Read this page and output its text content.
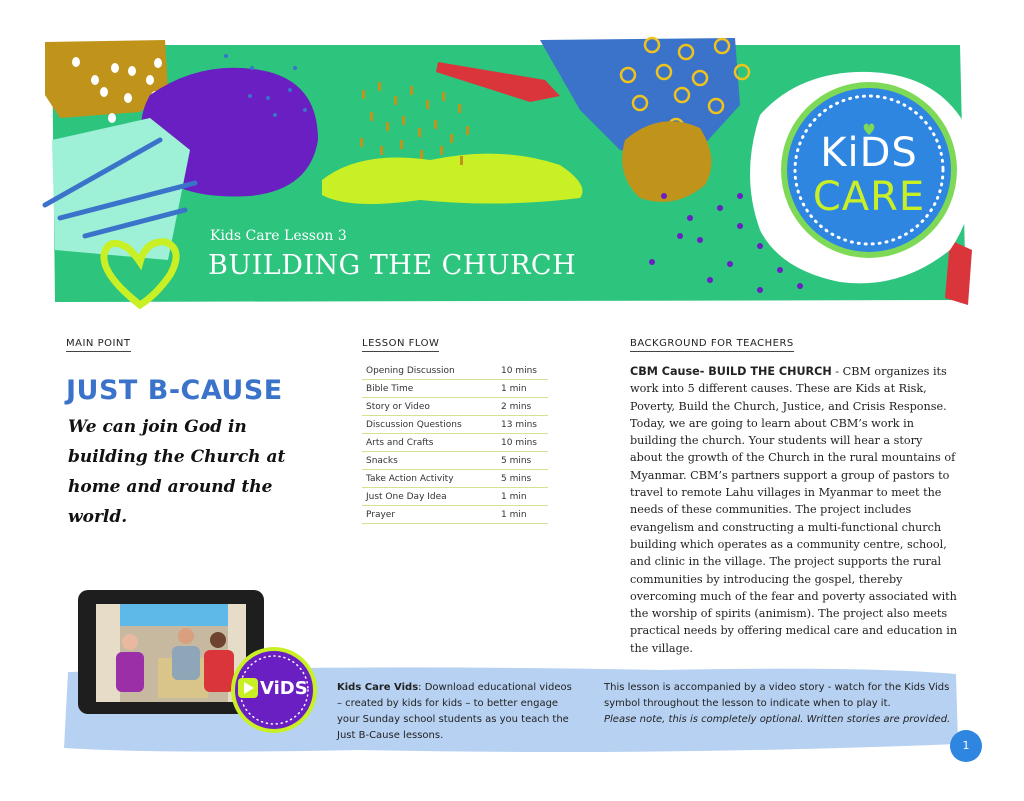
KiDS
CARE
Kids Care Lesson 3
BUILDING THE CHURCH
MAIN POINT
JUST B-CAUSE
We can join God in building the Church at home and around the world.
LESSON FLOW
Opening Discussion	10 mins
Bible Time	1 min
Story or Video	2 mins
Discussion Questions	13 mins
Arts and Crafts	10 mins
Snacks	5 mins
Take Action Activity	5 mins
Just One Day Idea	1 min
Prayer	1 min
BACKGROUND FOR TEACHERS
CBM Cause- BUILD THE CHURCH - CBM organizes its work into 5 different causes. These are Kids at Risk, Poverty, Build the Church, Justice, and Crisis Response. Today, we are going to learn about CBM’s work in building the church. Your students will hear a story about the growth of the Church in the rural mountains of Myanmar. CBM’s partners support a group of pastors to travel to remote Lahu villages in Myanmar to meet the needs of these communities. The project includes evangelism and constructing a multi-functional church building which operates as a community centre, school, and clinic in the village. The project supports the rural communities by introducing the gospel, thereby overcoming much of the fear and poverty associated with the worship of spirits (animism). The project also meets practical needs by offering medical care and education in the village.
ViDS	Kids Care Vids: Download educational videos – created by kids for kids – to better engage your Sunday school students as you teach the Just B-Cause lessons.
This lesson is accompanied by a video story - watch for the Kids Vids symbol throughout the lesson to indicate when to play it.
Please note, this is completely optional. Written stories are provided.
1
